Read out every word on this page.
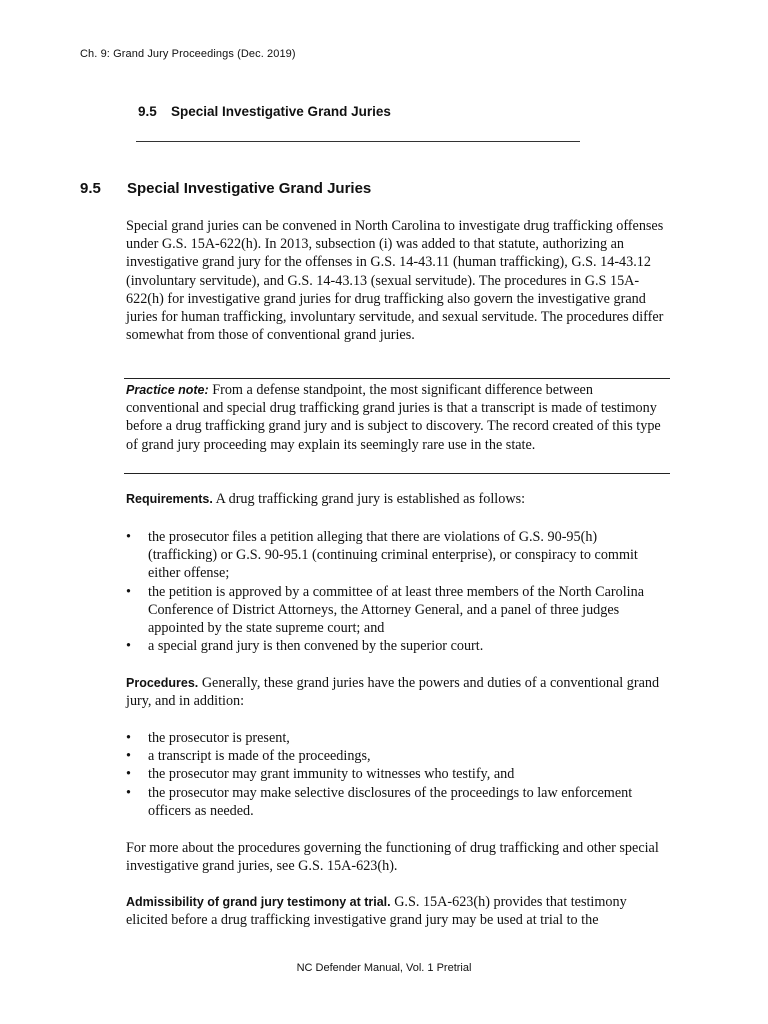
Ch. 9: Grand Jury Proceedings (Dec. 2019)
9.5 Special Investigative Grand Juries
9.5 Special Investigative Grand Juries

Special grand juries can be convened in North Carolina to investigate drug trafficking offenses under G.S. 15A-622(h). In 2013, subsection (i) was added to that statute, authorizing an investigative grand jury for the offenses in G.S. 14-43.11 (human trafficking), G.S. 14-43.12 (involuntary servitude), and G.S. 14-43.13 (sexual servitude). The procedures in G.S 15A-622(h) for investigative grand juries for drug trafficking also govern the investigative grand juries for human trafficking, involuntary servitude, and sexual servitude. The procedures differ somewhat from those of conventional grand juries.

Practice note: From a defense standpoint, the most significant difference between conventional and special drug trafficking grand juries is that a transcript is made of testimony before a drug trafficking grand jury and is subject to discovery. The record created of this type of grand jury proceeding may explain its seemingly rare use in the state.

Requirements. A drug trafficking grand jury is established as follows:

• the prosecutor files a petition alleging that there are violations of G.S. 90-95(h) (trafficking) or G.S. 90-95.1 (continuing criminal enterprise), or conspiracy to commit either offense;
• the petition is approved by a committee of at least three members of the North Carolina Conference of District Attorneys, the Attorney General, and a panel of three judges appointed by the state supreme court; and
• a special grand jury is then convened by the superior court.

Procedures. Generally, these grand juries have the powers and duties of a conventional grand jury, and in addition:

• the prosecutor is present,
• a transcript is made of the proceedings,
• the prosecutor may grant immunity to witnesses who testify, and
• the prosecutor may make selective disclosures of the proceedings to law enforcement officers as needed.

For more about the procedures governing the functioning of drug trafficking and other special investigative grand juries, see G.S. 15A-623(h).

Admissibility of grand jury testimony at trial. G.S. 15A-623(h) provides that testimony elicited before a drug trafficking investigative grand jury may be used at trial to the

NC Defender Manual, Vol. 1 Pretrial
